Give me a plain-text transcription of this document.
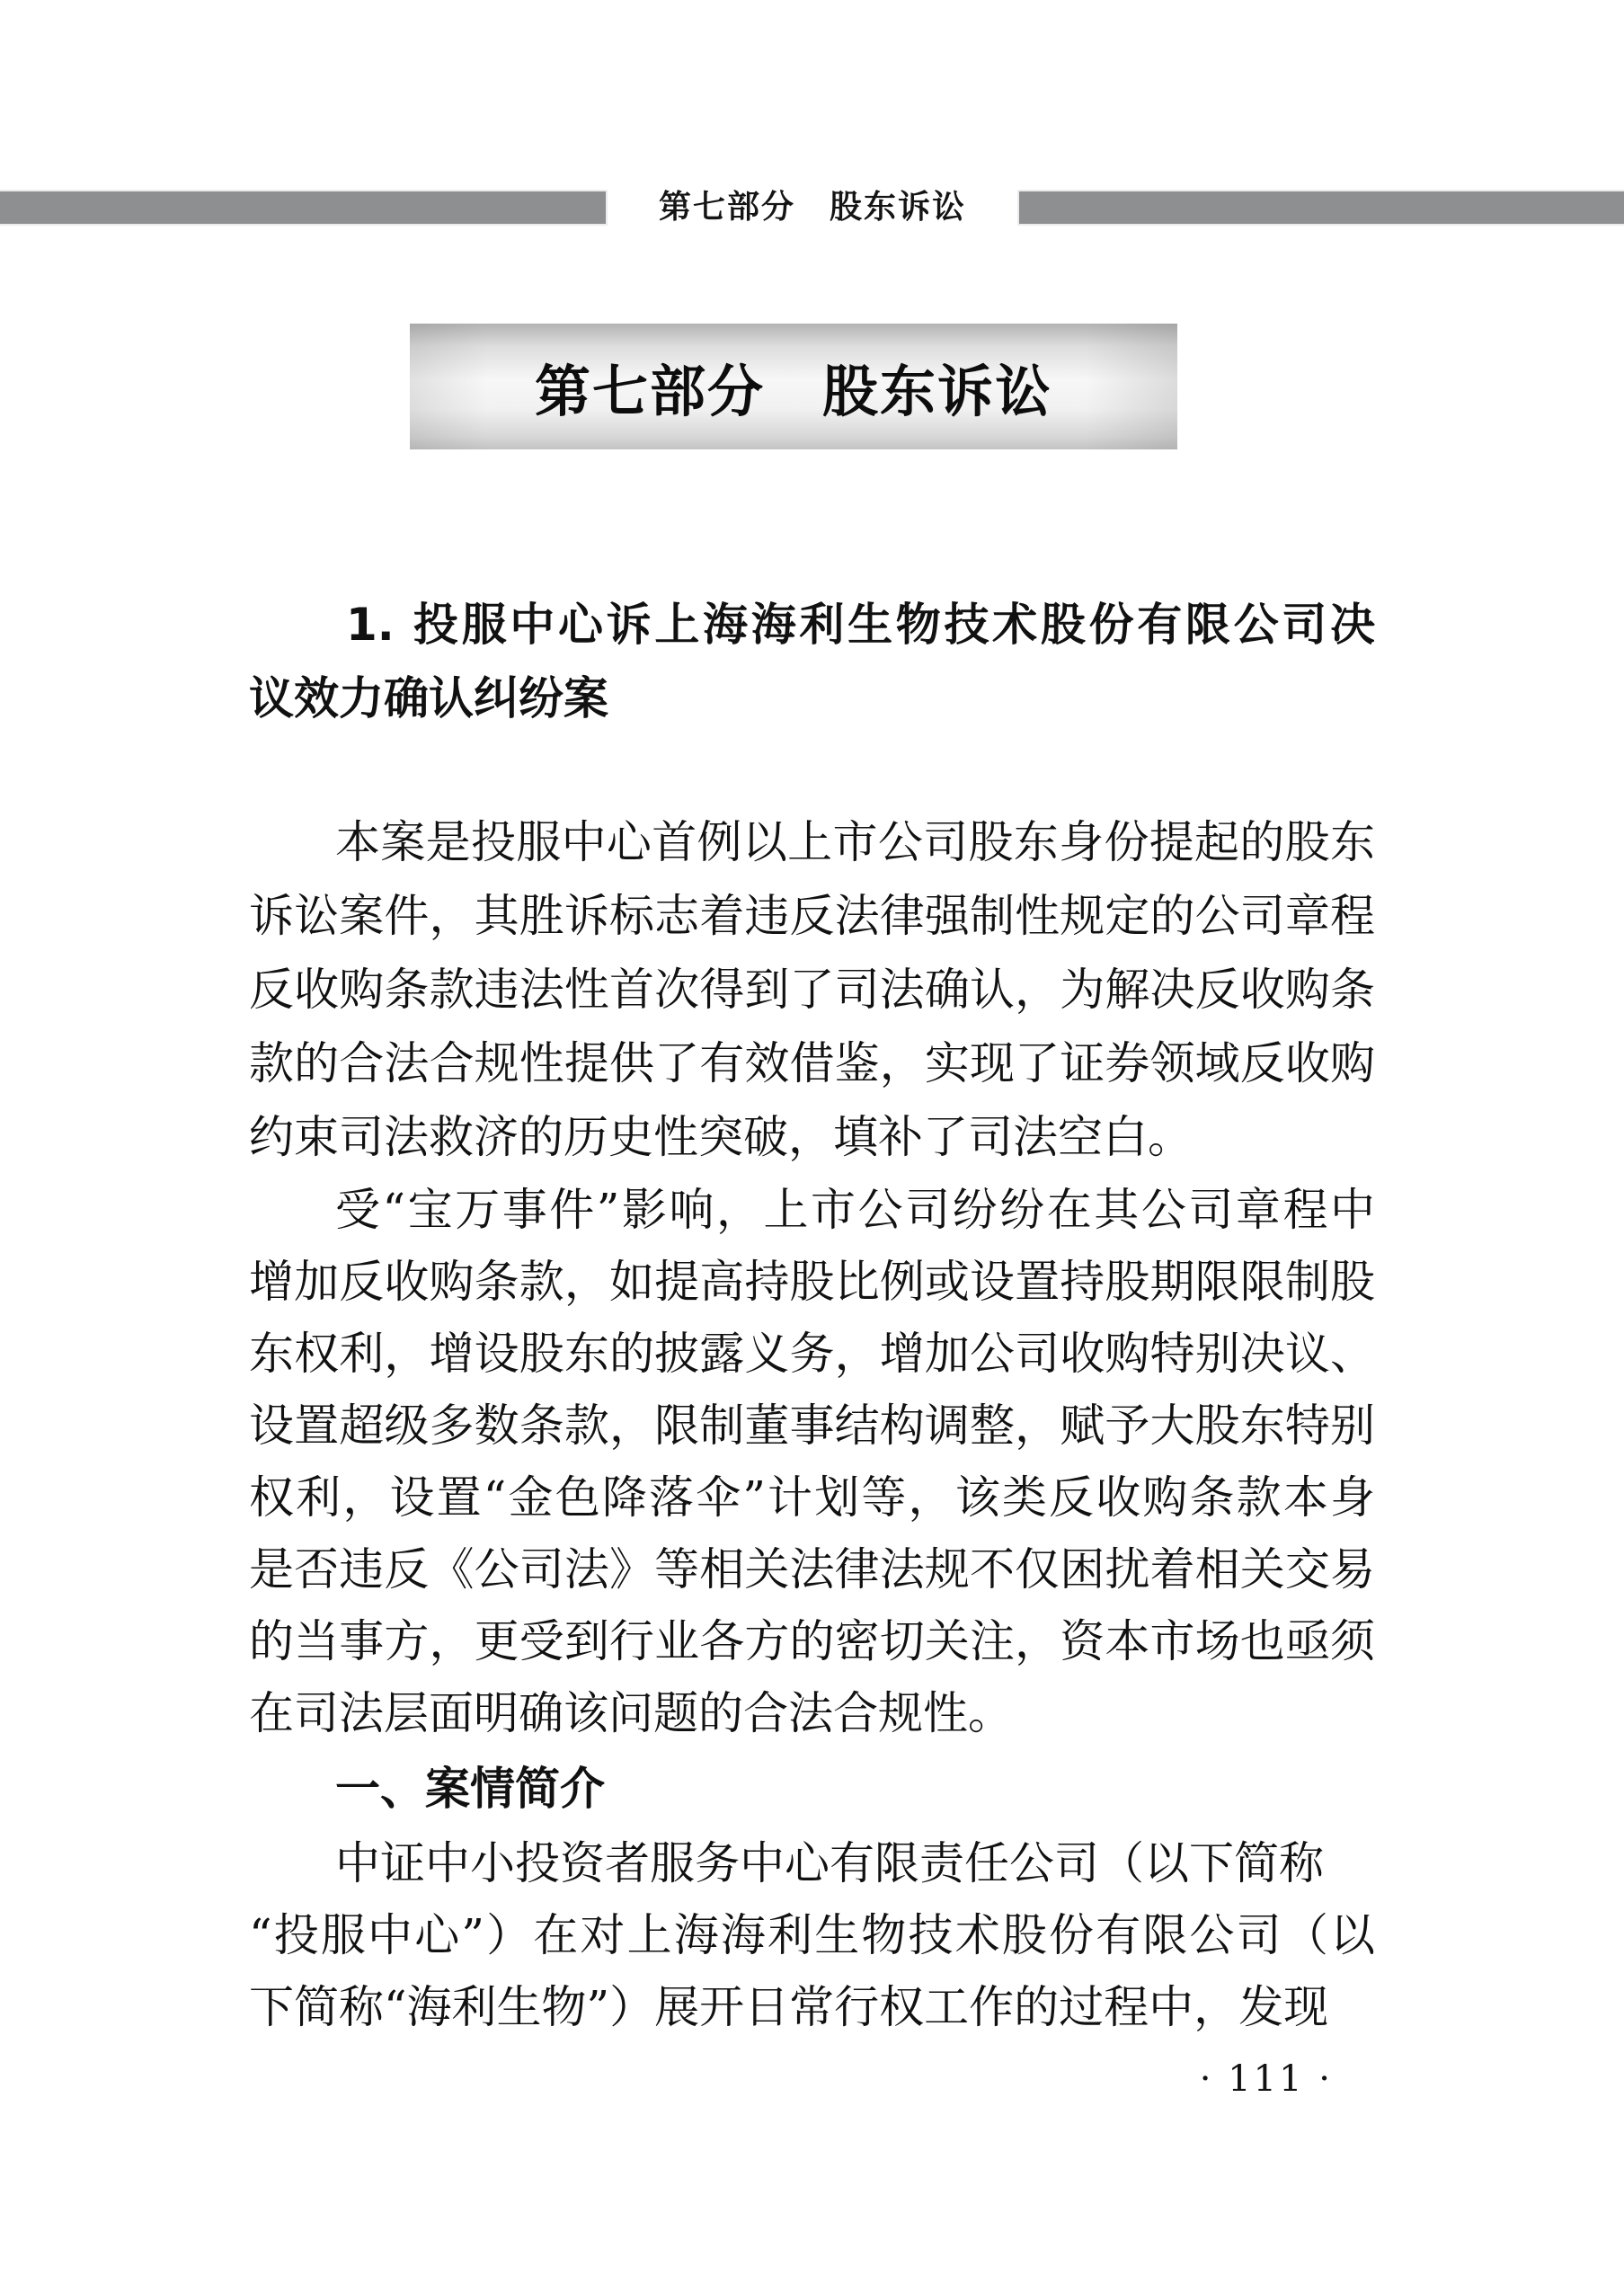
第七部分　股东诉讼
第七部分　股东诉讼
1. 投服中心诉上海海利生物技术股份有限公司决
议效力确认纠纷案
本案是投服中心首例以上市公司股东身份提起的股东
诉讼案件，其胜诉标志着违反法律强制性规定的公司章程
反收购条款违法性首次得到了司法确认，为解决反收购条
款的合法合规性提供了有效借鉴，实现了证券领域反收购
约束司法救济的历史性突破，填补了司法空白。
受“宝万事件”影响，上市公司纷纷在其公司章程中
增加反收购条款，如提高持股比例或设置持股期限限制股
东权利，增设股东的披露义务，增加公司收购特别决议、
设置超级多数条款，限制董事结构调整，赋予大股东特别
权利，设置“金色降落伞”计划等，该类反收购条款本身
是否违反《公司法》等相关法律法规不仅困扰着相关交易
的当事方，更受到行业各方的密切关注，资本市场也亟须
在司法层面明确该问题的合法合规性。
一、案情简介
中证中小投资者服务中心有限责任公司（以下简称
“投服中心”）在对上海海利生物技术股份有限公司（以
下简称“海利生物”）展开日常行权工作的过程中，发现
· 111 ·
